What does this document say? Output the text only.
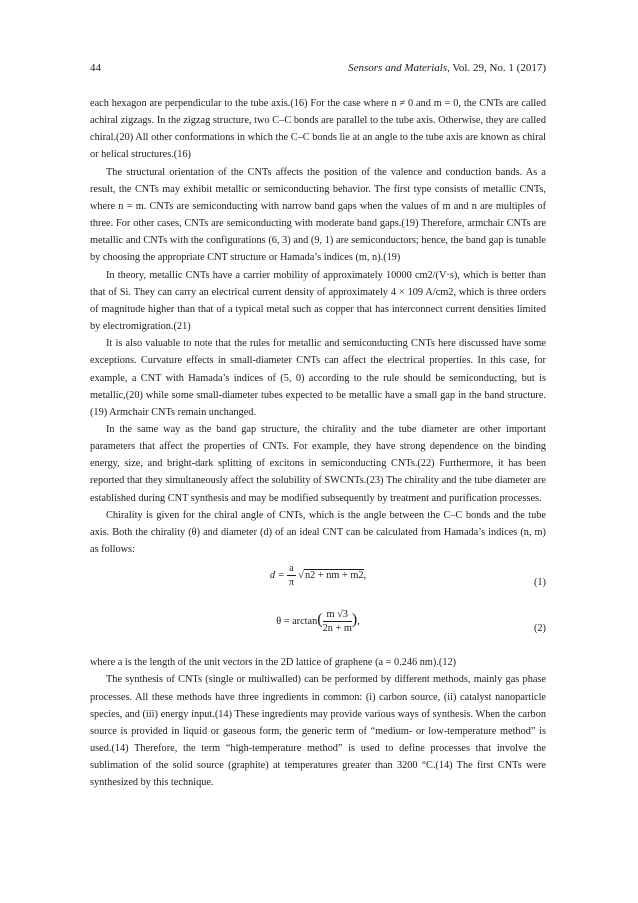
44	Sensors and Materials, Vol. 29, No. 1 (2017)

each hexagon are perpendicular to the tube axis.(16) For the case where n ≠ 0 and m = 0, the CNTs are called achiral zigzags. In the zigzag structure, two C–C bonds are parallel to the tube axis. Otherwise, they are called chiral.(20) All other conformations in which the C–C bonds lie at an angle to the tube axis are known as chiral or helical structures.(16)

The structural orientation of the CNTs affects the position of the valence and conduction bands. As a result, the CNTs may exhibit metallic or semiconducting behavior. The first type consists of metallic CNTs, where n = m. CNTs are semiconducting with narrow band gaps when the values of m and n are multiples of three. For other cases, CNTs are semiconducting with moderate band gaps.(19) Therefore, armchair CNTs are metallic and CNTs with the configurations (6, 3) and (9, 1) are semiconductors; hence, the band gap is tunable by choosing the appropriate CNT structure or Hamada’s indices (m, n).(19)

In theory, metallic CNTs have a carrier mobility of approximately 10000 cm2/(V·s), which is better than that of Si. They can carry an electrical current density of approximately 4 × 109 A/cm2, which is three orders of magnitude higher than that of a typical metal such as copper that has interconnect current densities limited by electromigration.(21)

It is also valuable to note that the rules for metallic and semiconducting CNTs here discussed have some exceptions. Curvature effects in small-diameter CNTs can affect the electrical properties. In this case, for example, a CNT with Hamada’s indices of (5, 0) according to the rule should be semiconducting, but is metallic,(20) while some small-diameter tubes expected to be metallic have a small gap in the band structure.(19) Armchair CNTs remain unchanged.

In the same way as the band gap structure, the chirality and the tube diameter are other important parameters that affect the properties of CNTs. For example, they have strong dependence on the binding energy, size, and bright-dark splitting of excitons in semiconducting CNTs.(22) Furthermore, it has been reported that they simultaneously affect the solubility of SWCNTs.(23) The chirality and the tube diameter are established during CNT synthesis and may be modified subsequently by treatment and purification processes.

Chirality is given for the chiral angle of CNTs, which is the angle between the C–C bonds and the tube axis. Both the chirality (θ) and diameter (d) of an ideal CNT can be calculated from Hamada’s indices (n, m) as follows:

$d = \frac{a}{\pi} √n2$ + nm + m2,
(1)
$\theta = \arctan( \frac{m √3}{2n + m}$ ),
(2)

where a is the length of the unit vectors in the 2D lattice of graphene (a = 0.246 nm).(12)

The synthesis of CNTs (single or multiwalled) can be performed by different methods, mainly gas phase processes. All these methods have three ingredients in common: (i) carbon source, (ii) catalyst nanoparticle species, and (iii) energy input.(14) These ingredients may provide various ways of synthesis. When the carbon source is provided in liquid or gaseous form, the generic term of “medium- or low-temperature method” is used.(14) Therefore, the term “high-temperature method” is used to define processes that involve the sublimation of the solid source (graphite) at temperatures greater than 3200 °C.(14) The first CNTs were synthesized by this technique.
